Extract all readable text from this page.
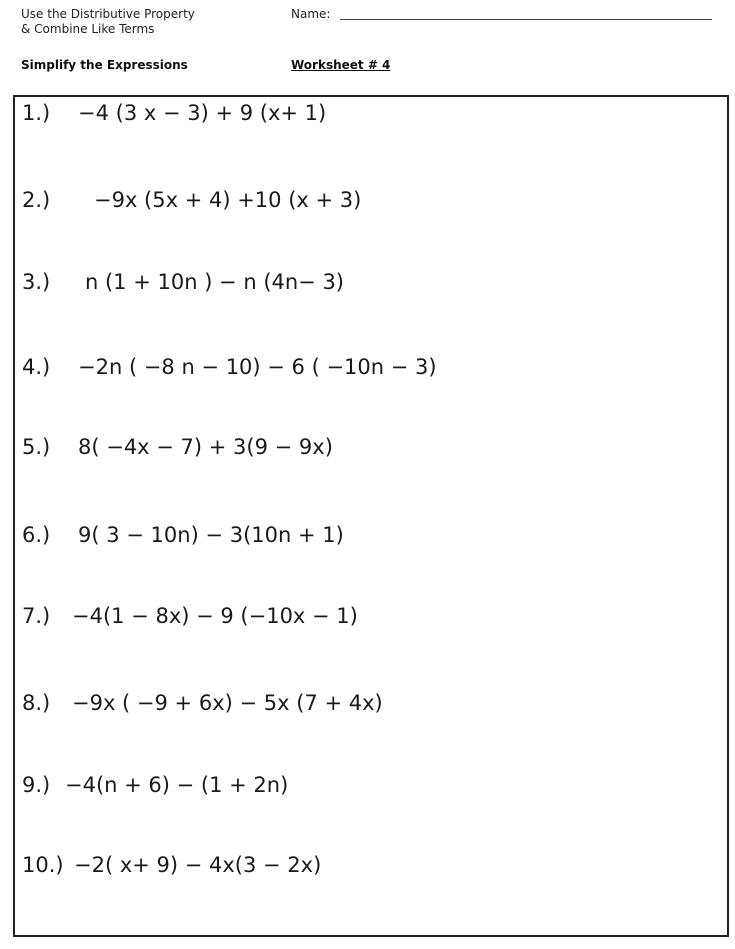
Use the Distributive Property
& Combine Like Terms
Name:
Simplify the Expressions	Worksheet # 4
1.) −4 (3 x − 3) + 9 (x+ 1)
2.) −9x (5x + 4) +10 (x + 3)
3.) n (1 + 10n ) − n (4n− 3)
4.) −2n ( −8 n − 10) − 6 ( −10n − 3)
5.) 8( −4x − 7) + 3(9 − 9x)
6.) 9( 3 − 10n) − 3(10n + 1)
7.) −4(1 − 8x) − 9 (−10x − 1)
8.) −9x ( −9 + 6x) − 5x (7 + 4x)
9.) −4(n + 6) − (1 + 2n)
10.) −2( x+ 9) − 4x(3 − 2x)
